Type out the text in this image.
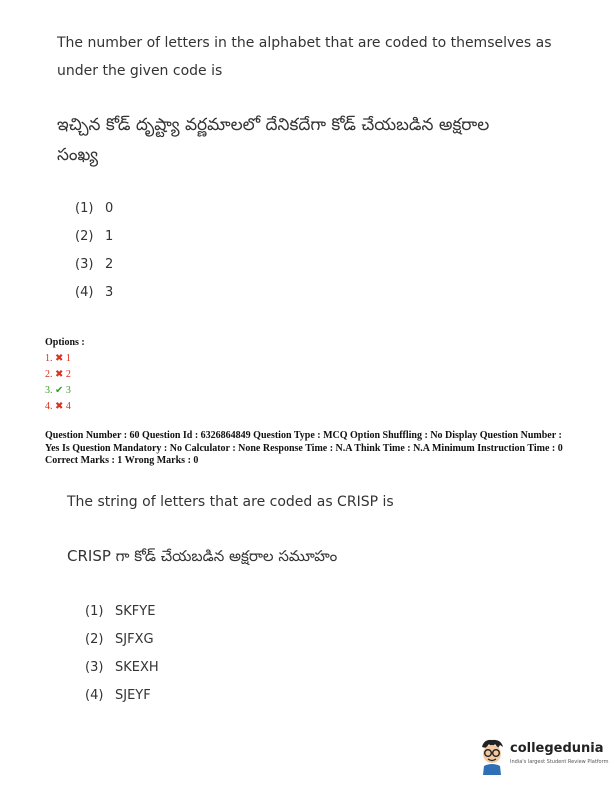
The number of letters in the alphabet that are coded to themselves as
under the given code is
ఇచ్చిన కోడ్ దృష్ట్యా వర్ణమాలలో దేనికదేగా కోడ్ చేయబడిన అక్షరాల
సంఖ్య
(1) 0
(2) 1
(3) 2
(4) 3
Options :
1. ✖ 1
2. ✖ 2
3. ✔ 3
4. ✖ 4
Question Number : 60 Question Id : 6326864849 Question Type : MCQ Option Shuffling : No Display Question Number : Yes Is Question Mandatory : No Calculator : None Response Time : N.A Think Time : N.A Minimum Instruction Time : 0
Correct Marks : 1 Wrong Marks : 0
The string of letters that are coded as CRISP is
CRISP గా కోడ్ చేయబడిన అక్షరాల సమూహం
(1) SKFYE
(2) SJFXG
(3) SKEXH
(4) SJEYF
collegedunia
India's largest Student Review Platform
